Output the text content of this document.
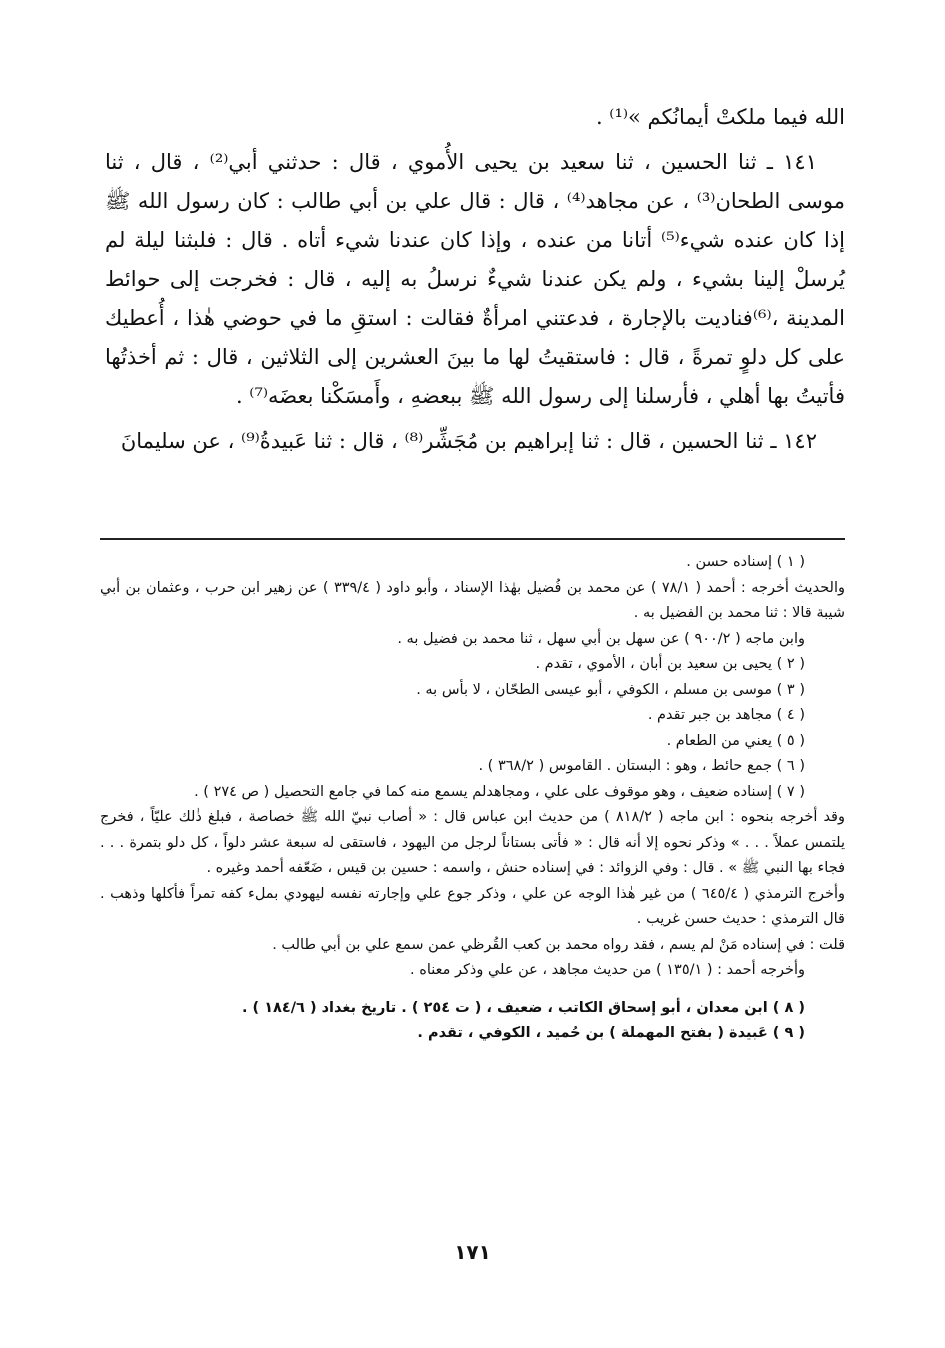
الله فيما ملكتْ أيمانُكم »⁽¹⁾ .

١٤١ ـ ثنا الحسين ، ثنا سعيد بن يحيى الأُموي ، قال : حدثني أبي⁽²⁾ ، قال ، ثنا موسى الطحان⁽³⁾ ، عن مجاهد⁽⁴⁾ ، قال : قال علي بن أبي طالب : كان رسول الله ﷺ إذا كان عنده شيء⁽⁵⁾ أتانا من عنده ، وإذا كان عندنا شيء أتاه . قال : فلبثنا ليلة لم يُرسلْ إلينا بشيء ، ولم يكن عندنا شيءٌ نرسلُ به إليه ، قال : فخرجت إلى حوائط المدينة ،⁽⁶⁾فناديت بالإجارة ، فدعتني امرأةٌ فقالت : استقِ ما في حوضي هٰذا ، أُعطيك على كل دلوٍ تمرةً ، قال : فاستقيتُ لها ما بينَ العشرين إلى الثلاثين ، قال : ثم أخذتُها فأتيتُ بها أهلي ، فأرسلنا إلى رسول الله ﷺ ببعضهِ ، وأَمسَكْنا بعضَه⁽⁷⁾ .

١٤٢ ـ ثنا الحسين ، قال : ثنا إبراهيم بن مُجَشِّر⁽⁸⁾ ، قال : ثنا عَبيدةُ⁽⁹⁾ ، عن سليمانَ

( ١ ) إسناده حسن .

والحديث أخرجه : أحمد ( ٧٨/١ ) عن محمد بن فُضيل بهٰذا الإسناد ، وأبو داود ( ٣٣٩/٤ ) عن زهير ابن حرب ، وعثمان بن أبي شيبة قالا : ثنا محمد بن الفضيل به .

وابن ماجه ( ٩٠٠/٢ ) عن سهل بن أبي سهل ، ثنا محمد بن فضيل به .

( ٢ ) يحيى بن سعيد بن أبان ، الأموي ، تقدم .

( ٣ ) موسى بن مسلم ، الكوفي ، أبو عيسى الطحّان ، لا بأس به .

( ٤ ) مجاهد بن جبر تقدم .

( ٥ ) يعني من الطعام .

( ٦ ) جمع حائط ، وهو : البستان . القاموس ( ٣٦٨/٢ ) .

( ٧ ) إسناده ضعيف ، وهو موقوف على علي ، ومجاهدلم يسمع منه كما في جامع التحصيل ( ص ٢٧٤ ) .

وقد أخرجه بنحوه : ابن ماجه ( ٨١٨/٢ ) من حديث ابن عباس قال : « أصاب نبيّ الله ﷺ خصاصة ، فبلغ ذٰلك عليّاً ، فخرج يلتمس عملاً . . . » وذكر نحوه إلا أنه قال : « فأتى بستاناً لرجل من اليهود ، فاستقى له سبعة عشر دلواً ، كل دلو بتمرة . . . فجاء بها النبي ﷺ » . قال : وفي الزوائد : في إسناده حنش ، واسمه : حسين بن قيس ، ضَعّفه أحمد وغيره .

وأخرج الترمذي ( ٦٤٥/٤ ) من غير هٰذا الوجه عن علي ، وذكر جوع علي وإجارته نفسه ليهودي بملء كفه تمراً فأكلها وذهب . قال الترمذي : حديث حسن غريب .

قلت : في إسناده مَنْ لم يسم ، فقد رواه محمد بن كعب القُرظي عمن سمع علي بن أبي طالب .

وأخرجه أحمد : ( ١٣٥/١ ) من حديث مجاهد ، عن علي وذكر معناه .

( ٨ ) ابن معدان ، أبو إسحاق الكاتب ، ضعيف ، ( ت ٢٥٤ ) . تاريخ بغداد ( ١٨٤/٦ ) .

( ٩ ) عَبيدة ( بفتح المهملة ) بن حُميد ، الكوفي ، تقدم .

١٧١
